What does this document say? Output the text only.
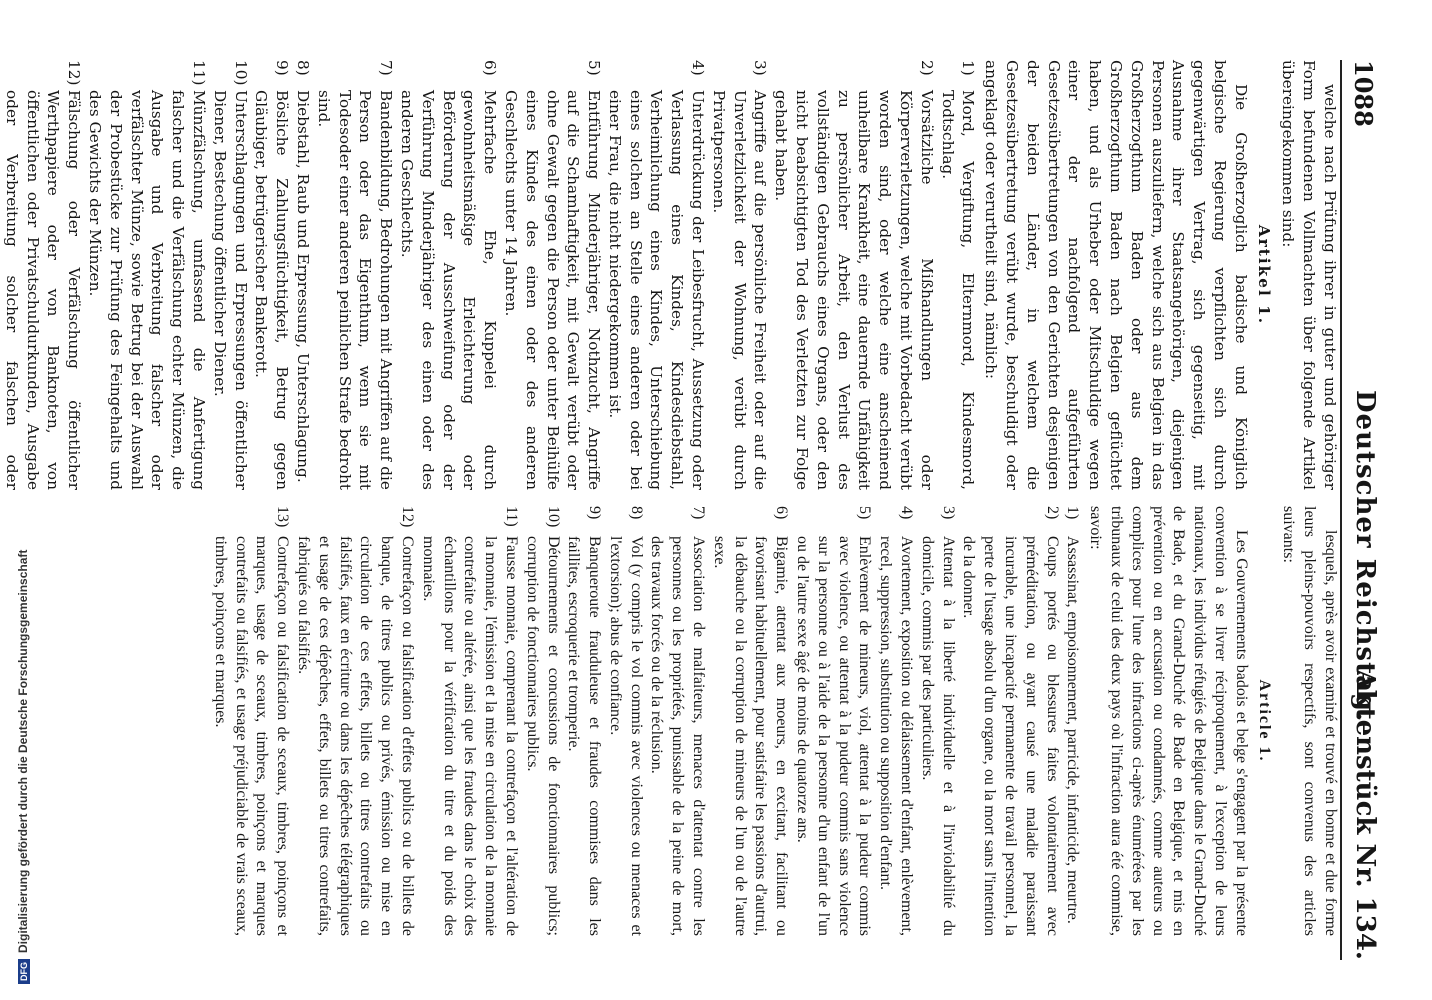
1088
Deutscher Reichstag.
Aktenstück Nr. 134.

welche nach Prüfung ihrer in guter und gehöriger Form befundenen Vollmachten über folgende Artikel übereingekommen sind:

Artikel 1.

Die Großherzoglich badische und Königlich belgische Regierung verpflichten sich durch gegenwärtigen Vertrag, sich gegenseitig, mit Ausnahme ihrer Staatsangehörigen, diejenigen Personen auszuliefern, welche sich aus Belgien in das Großherzogthum Baden oder aus dem Großherzogthum Baden nach Belgien geflüchtet haben, und als Urheber oder Mitschuldige wegen einer der nachfolgend aufgeführten Gesetzesübertretungen von den Gerichten desjenigen der beiden Länder, in welchem die Gesetzesübertretung verübt wurde, beschuldigt oder angeklagt oder verurtheilt sind, nämlich:

1)
Mord, Vergiftung, Elternmord, Kindesmord, Todtschlag.
2)
Vorsätzliche Mißhandlungen oder Körperverletzungen, welche mit Vorbedacht verübt worden sind, oder welche eine anscheinend unheilbare Krankheit, eine dauernde Unfähigkeit zu persönlicher Arbeit, den Verlust des vollständigen Gebrauchs eines Organs, oder den nicht beabsichtigten Tod des Verletzten zur Folge gehabt haben.
3)
Angriffe auf die persönliche Freiheit oder auf die Unverletzlichkeit der Wohnung, verübt durch Privatpersonen.
4)
Unterdrückung der Leibesfrucht, Aussetzung oder Verlassung eines Kindes, Kindesdiebstahl, Verheimlichung eines Kindes, Unterschiebung eines solchen an Stelle eines anderen oder bei einer Frau, die nicht niedergekommen ist.
5)
Entführung Minderjähriger, Nothzucht, Angriffe auf die Schamhaftigkeit, mit Gewalt verübt oder ohne Gewalt gegen die Person oder unter Beihülfe eines Kindes des einen oder des anderen Geschlechts unter 14 Jahren.
6)
Mehrfache Ehe, Kuppelei durch gewohnheitsmäßige Erleichterung oder Beförderung der Ausschweifung oder der Verführung Minderjähriger des einen oder des anderen Geschlechts.
7)
Bandenbildung, Bedrohungen mit Angriffen auf die Person oder das Eigenthum, wenn sie mit Todesoder einer anderen peinlichen Strafe bedroht sind.
8)
Diebstahl, Raub und Erpressung, Unterschlagung.
9)
Bösliche Zahlungsflüchtigkeit, Betrug gegen Gläubiger, betrügerischer Bankerott.
10)
Unterschlagungen und Erpressungen öffentlicher Diener, Bestechung öffentlicher Diener.
11)
Münzfälschung, umfassend die Anfertigung falscher und die Verfälschung echter Münzen, die Ausgabe und Verbreitung falscher oder verfälschter Münze, sowie Betrug bei der Auswahl der Probestücke zur Prüfung des Feingehalts und des Gewichts der Münzen.
12)
Fälschung oder Verfälschung öffentlicher Werthpapiere oder von Banknoten, von öffentlichen oder Privatschuldurkunden, Ausgabe oder Verbreitung solcher falschen oder

lesquels, après avoir examiné et trouvé en bonne et due forme leurs pleins-pouvoirs respectifs, sont convenus des articles suivants:

Article 1.

Les Gouvernements badois et belge s'engagent par la présente convention à se livrer réciproquement, à l'exception de leurs nationaux, les individus réfugiés de Belgique dans le Grand-Duché de Bade, et du Grand-Duché de Bade en Belgique, et mis en prévention ou en accusation ou condamnés, comme auteurs ou complices pour l'une des infractions ci-après énumérées par les tribunaux de celui des deux pays où l'infraction aura été commise, savoir:

1)
Assassinat, empoisonnement, parricide, infanticide, meurtre.
2)
Coups portés ou blessures faites volontairement avec préméditation, ou ayant causé une maladie paraissant incurable, une incapacité permanente de travail personnel, la perte de l'usage absolu d'un organe, ou la mort sans l'intention de la donner.
3)
Attentat à la liberté individuelle et à l'inviolabilité du domicile, commis par des particuliers.
4)
Avortement, exposition ou délaissement d'enfant, enlèvement, recel, suppression, substitution ou supposition d'enfant.
5)
Enlèvement de mineurs, viol, attentat à la pudeur commis avec violence, ou attentat à la pudeur commis sans violence sur la personne ou à l'aide de la personne d'un enfant de l'un ou de l'autre sexe âgé de moins de quatorze ans.
6)
Bigamie, attentat aux moeurs, en excitant, facilitant ou favorisant habituellement, pour satisfaire les passions d'autrui, la débauche ou la corruption de mineurs de l'un ou de l'autre sexe.
7)
Association de malfaiteurs, menaces d'attentat contre les personnes ou les propriétés, punissable de la peine de mort, des travaux forcés ou de la réclusion.
8)
Vol (y compris le vol commis avec violences ou menaces et l'extorsion); abus de confiance.
9)
Banqueroute frauduleuse et fraudes commises dans les faillites, escroquerie et tromperie.
10)
Détournements et concussions de fonctionnaires publics; corruption de fonctionnaires publics.
11)
Fausse monnaie, comprenant la contrefaçon et l'altération de la monnaie, l'émission et la mise en circulation de la monnaie contrefaite ou altérée, ainsi que les fraudes dans le choix des échantillons pour la vérification du titre et du poids des monnaies.
12)
Contrefaçon ou falsification d'effets publics ou de billets de banque, de titres publics ou privés, émission ou mise en circulation de ces effets, billets ou titres contrefaits ou falsifiés, faux en écriture ou dans les dépêches télégraphiques et usage de ces dépêches, effets, billets ou titres contrefaits, fabriqués ou falsifiés.
13)
Contrefaçon ou falsification de sceaux, timbres, poinçons et marques, usage de sceaux, timbres, poinçons et marques contrefaits ou falsifiés, et usage préjudiciable de vrais sceaux, timbres, poinçons et marques.
DFGDigitalisierung gefördert durch die Deutsche Forschungsgemeinschaft
